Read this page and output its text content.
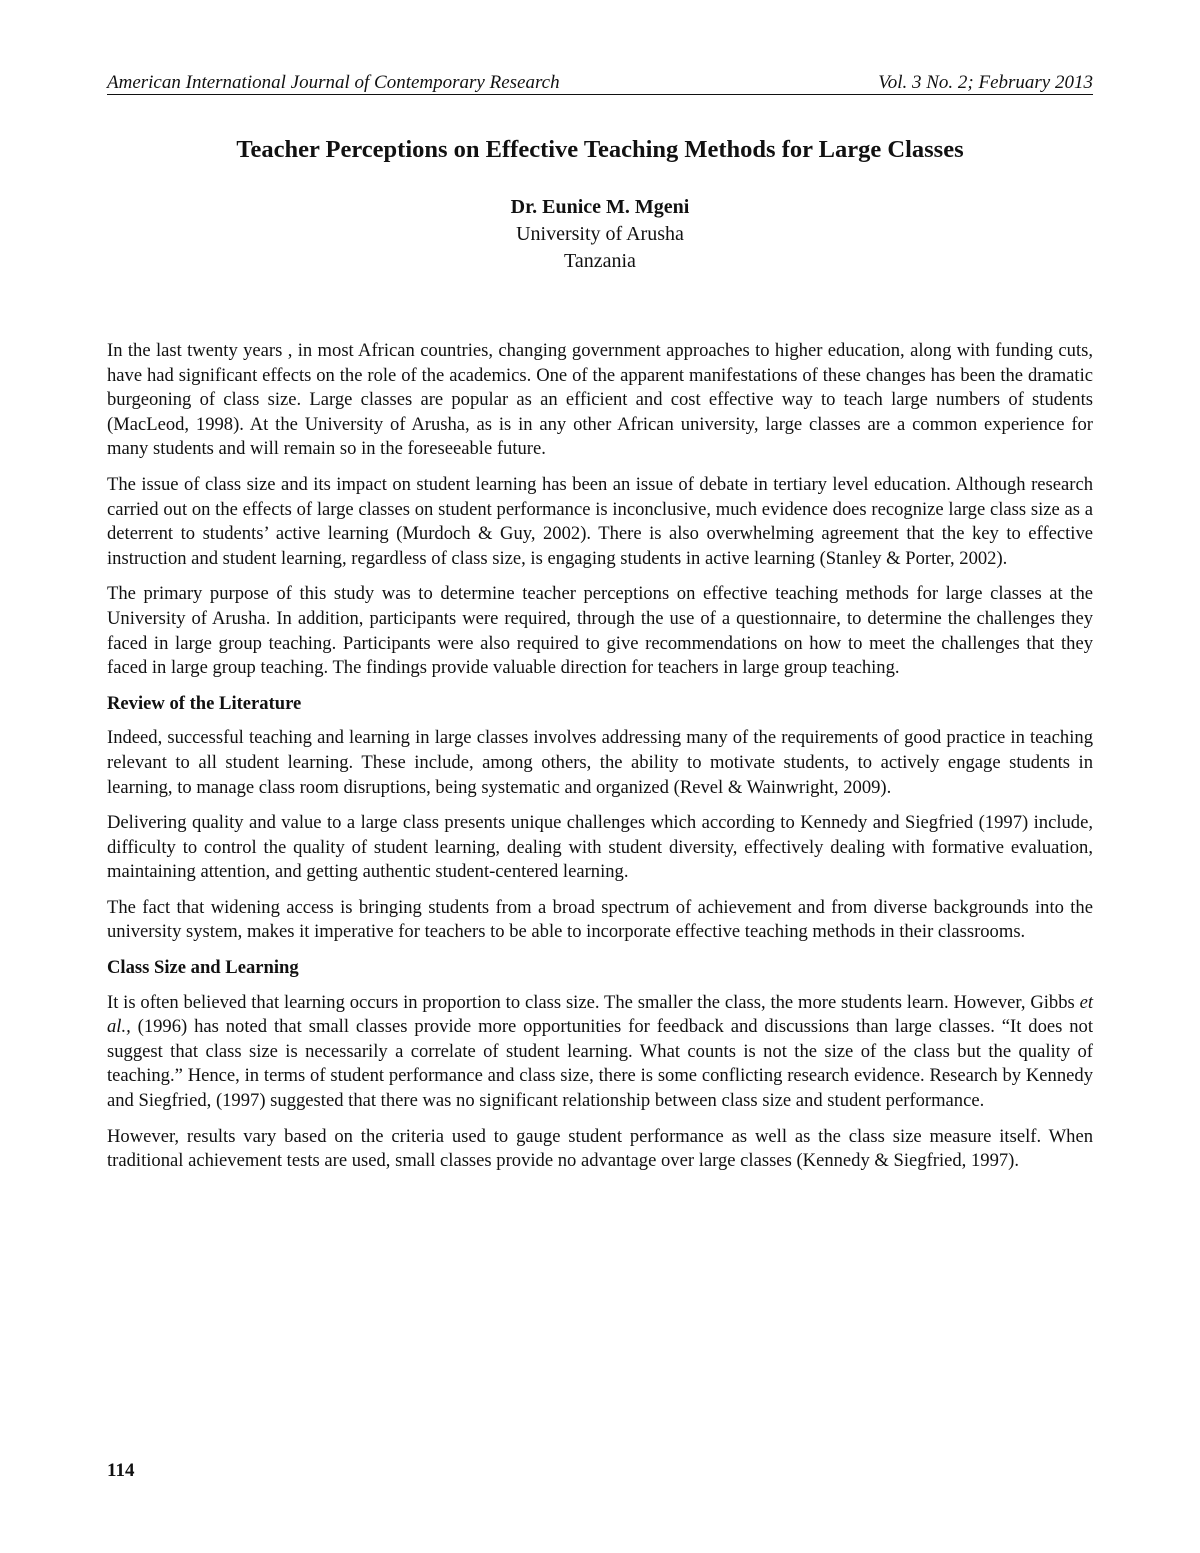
American International Journal of Contemporary Research	Vol. 3 No. 2; February 2013
Teacher Perceptions on Effective Teaching Methods for Large Classes
Dr. Eunice M. Mgeni
University of Arusha
Tanzania

In the last twenty years , in most African countries, changing government approaches to higher education, along with funding cuts, have had significant effects on the role of the academics. One of the apparent manifestations of these changes has been the dramatic burgeoning of class size. Large classes are popular as an efficient and cost effective way to teach large numbers of students (MacLeod, 1998). At the University of Arusha, as is in any other African university, large classes are a common experience for many students and will remain so in the foreseeable future.

The issue of class size and its impact on student learning has been an issue of debate in tertiary level education. Although research carried out on the effects of large classes on student performance is inconclusive, much evidence does recognize large class size as a deterrent to students’ active learning (Murdoch & Guy, 2002). There is also overwhelming agreement that the key to effective instruction and student learning, regardless of class size, is engaging students in active learning (Stanley & Porter, 2002).

The primary purpose of this study was to determine teacher perceptions on effective teaching methods for large classes at the University of Arusha. In addition, participants were required, through the use of a questionnaire, to determine the challenges they faced in large group teaching. Participants were also required to give recommendations on how to meet the challenges that they faced in large group teaching. The findings provide valuable direction for teachers in large group teaching.

Review of the Literature

Indeed, successful teaching and learning in large classes involves addressing many of the requirements of good practice in teaching relevant to all student learning. These include, among others, the ability to motivate students, to actively engage students in learning, to manage class room disruptions, being systematic and organized (Revel & Wainwright, 2009).

Delivering quality and value to a large class presents unique challenges which according to Kennedy and Siegfried (1997) include, difficulty to control the quality of student learning, dealing with student diversity, effectively dealing with formative evaluation, maintaining attention, and getting authentic student-centered learning.

The fact that widening access is bringing students from a broad spectrum of achievement and from diverse backgrounds into the university system, makes it imperative for teachers to be able to incorporate effective teaching methods in their classrooms.

Class Size and Learning

It is often believed that learning occurs in proportion to class size. The smaller the class, the more students learn. However, Gibbs et al., (1996) has noted that small classes provide more opportunities for feedback and discussions than large classes. “It does not suggest that class size is necessarily a correlate of student learning. What counts is not the size of the class but the quality of teaching.” Hence, in terms of student performance and class size, there is some conflicting research evidence. Research by Kennedy and Siegfried, (1997) suggested that there was no significant relationship between class size and student performance.

However, results vary based on the criteria used to gauge student performance as well as the class size measure itself. When traditional achievement tests are used, small classes provide no advantage over large classes (Kennedy & Siegfried, 1997).

114
